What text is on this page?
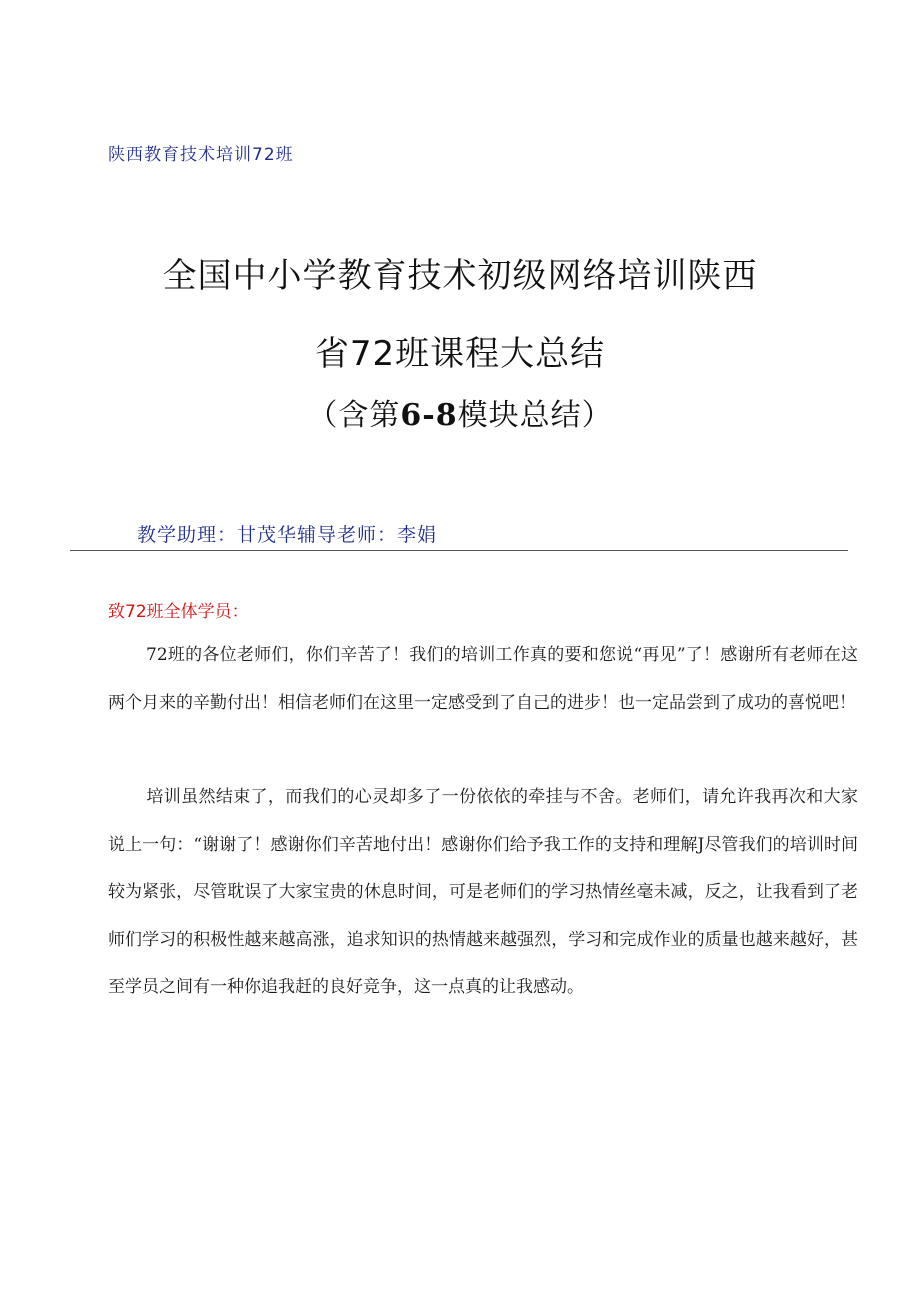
陕西教育技术培训72班
全国中小学教育技术初级网络培训陕西
省72班课程大总结
（含第6-8模块总结）
教学助理：甘茂华辅导老师：李娟
致72班全体学员：
72班的各位老师们，你们辛苦了！我们的培训工作真的要和您说“再见”了！感谢所有老师在这两个月来的辛勤付出！相信老师们在这里一定感受到了自己的进步！也一定品尝到了成功的喜悦吧！
培训虽然结束了，而我们的心灵却多了一份依依的牵挂与不舍。老师们，请允许我再次和大家说上一句：“谢谢了！感谢你们辛苦地付出！感谢你们给予我工作的支持和理解J尽管我们的培训时间较为紧张，尽管耽误了大家宝贵的休息时间，可是老师们的学习热情丝毫未减，反之，让我看到了老师们学习的积极性越来越高涨，追求知识的热情越来越强烈，学习和完成作业的质量也越来越好，甚至学员之间有一种你追我赶的良好竞争，这一点真的让我感动。
